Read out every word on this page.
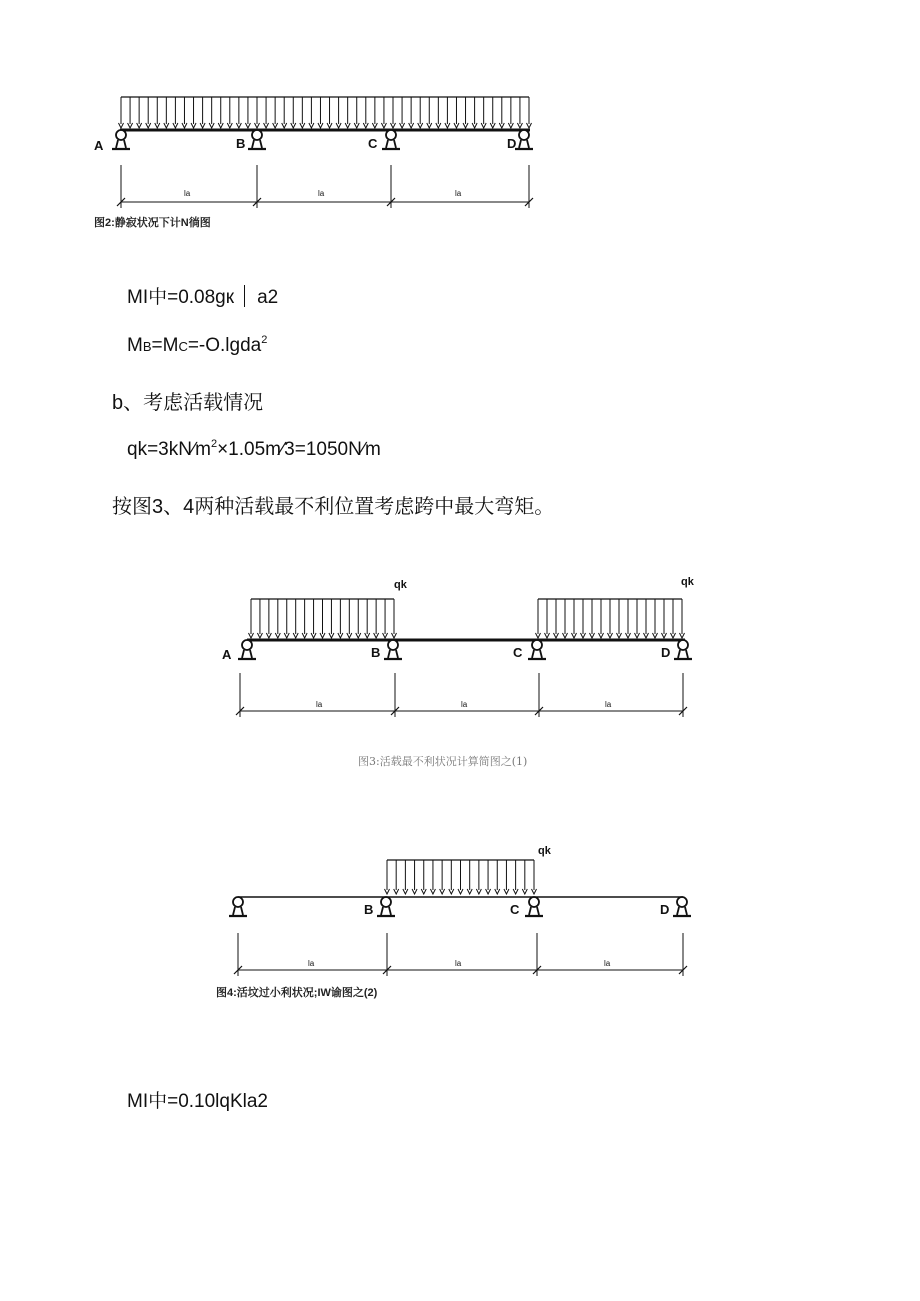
A	B	C	D
la	la	la
图2:静寂状况下计N徜图
MI中=0.08gк a2
MB=MC=-O.lgda$^2$
b、考虑活载情况
$qk=3kN∕m^2\times 1.05m∕3=1050N∕m$
按图3、4两种活载最不利位置考虑跨中最大弯矩。
qk	qk
A	B	C	D
la	la	la
图3:活载最不利状况计算简图之(1)
qk
B	C	D
la	la	la
图4:活坟过小利状况;IW谕图之(2)
MI中=0.10lqKla2
